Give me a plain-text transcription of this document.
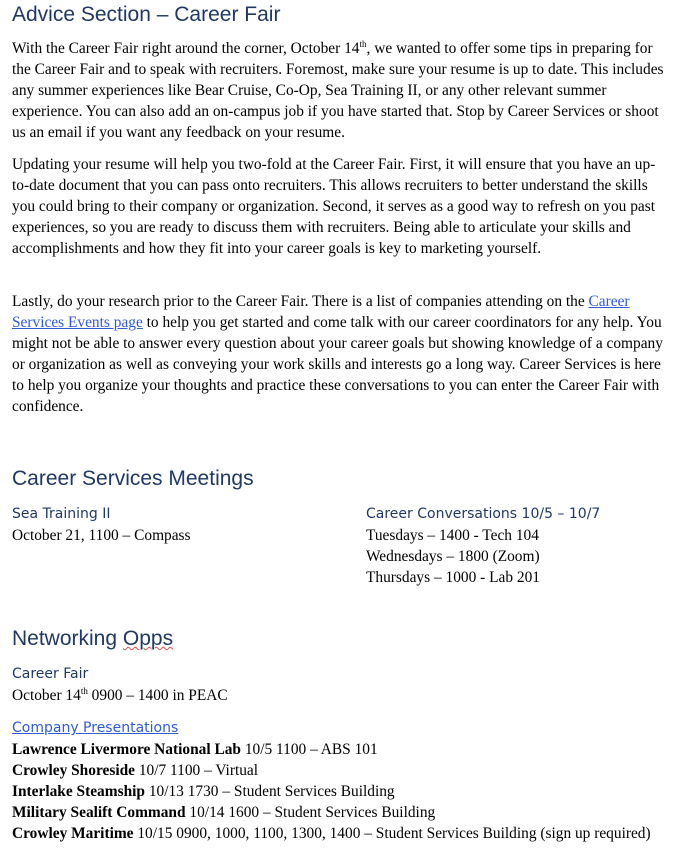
Advice Section – Career Fair

With the Career Fair right around the corner, October 14th, we wanted to offer some tips in preparing for the Career Fair and to speak with recruiters. Foremost, make sure your resume is up to date. This includes any summer experiences like Bear Cruise, Co-Op, Sea Training II, or any other relevant summer experience. You can also add an on-campus job if you have started that. Stop by Career Services or shoot us an email if you want any feedback on your resume.

Updating your resume will help you two-fold at the Career Fair. First, it will ensure that you have an up-to-date document that you can pass onto recruiters. This allows recruiters to better understand the skills you could bring to their company or organization. Second, it serves as a good way to refresh on you past experiences, so you are ready to discuss them with recruiters. Being able to articulate your skills and accomplishments and how they fit into your career goals is key to marketing yourself.

Lastly, do your research prior to the Career Fair. There is a list of companies attending on the Career Services Events page to help you get started and come talk with our career coordinators for any help. You might not be able to answer every question about your career goals but showing knowledge of a company or organization as well as conveying your work skills and interests go a long way. Career Services is here to help you organize your thoughts and practice these conversations to you can enter the Career Fair with confidence.

Career Services Meetings
Sea Training II
October 21, 1100 – Compass
Career Conversations 10/5 – 10/7
Tuesdays – 1400 - Tech 104
Wednesdays – 1800 (Zoom)
Thursdays – 1000 - Lab 201
Networking Opps
Career Fair
October 14th 0900 – 1400 in PEAC
Company Presentations
Lawrence Livermore National Lab 10/5 1100 – ABS 101
Crowley Shoreside 10/7 1100 – Virtual
Interlake Steamship 10/13 1730 – Student Services Building
Military Sealift Command 10/14 1600 – Student Services Building
Crowley Maritime 10/15 0900, 1000, 1100, 1300, 1400 – Student Services Building (sign up required)
